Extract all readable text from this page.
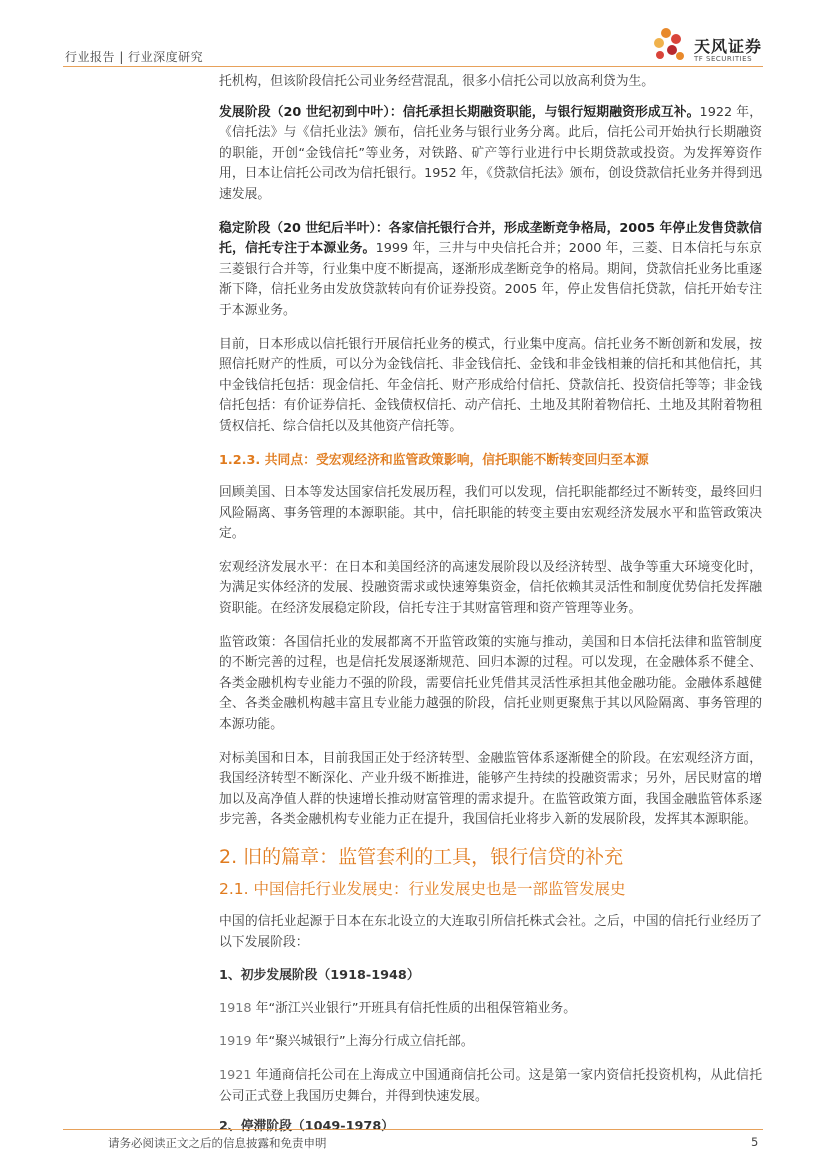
行业报告 | 行业深度研究
天风证券
TF SECURITIES

托机构，但该阶段信托公司业务经营混乱，很多小信托公司以放高利贷为生。

发展阶段（20 世纪初到中叶）：信托承担长期融资职能，与银行短期融资形成互补。1922 年，《信托法》与《信托业法》颁布，信托业务与银行业务分离。此后，信托公司开始执行长期融资的职能，开创“金钱信托”等业务，对铁路、矿产等行业进行中长期贷款或投资。为发挥筹资作用，日本让信托公司改为信托银行。1952 年，《贷款信托法》颁布，创设贷款信托业务并得到迅速发展。

稳定阶段（20 世纪后半叶）：各家信托银行合并，形成垄断竞争格局，2005 年停止发售贷款信托，信托专注于本源业务。1999 年，三井与中央信托合并；2000 年，三菱、日本信托与东京三菱银行合并等，行业集中度不断提高，逐渐形成垄断竞争的格局。期间，贷款信托业务比重逐渐下降，信托业务由发放贷款转向有价证券投资。2005 年，停止发售信托贷款，信托开始专注于本源业务。

目前，日本形成以信托银行开展信托业务的模式，行业集中度高。信托业务不断创新和发展，按照信托财产的性质，可以分为金钱信托、非金钱信托、金钱和非金钱相兼的信托和其他信托，其中金钱信托包括：现金信托、年金信托、财产形成给付信托、贷款信托、投资信托等等；非金钱信托包括：有价证券信托、金钱债权信托、动产信托、土地及其附着物信托、土地及其附着物租赁权信托、综合信托以及其他资产信托等。

1.2.3. 共同点：受宏观经济和监管政策影响，信托职能不断转变回归至本源

回顾美国、日本等发达国家信托发展历程，我们可以发现，信托职能都经过不断转变，最终回归风险隔离、事务管理的本源职能。其中，信托职能的转变主要由宏观经济发展水平和监管政策决定。

宏观经济发展水平：在日本和美国经济的高速发展阶段以及经济转型、战争等重大环境变化时，为满足实体经济的发展、投融资需求或快速筹集资金，信托依赖其灵活性和制度优势信托发挥融资职能。在经济发展稳定阶段，信托专注于其财富管理和资产管理等业务。

监管政策：各国信托业的发展都离不开监管政策的实施与推动，美国和日本信托法律和监管制度的不断完善的过程，也是信托发展逐渐规范、回归本源的过程。可以发现，在金融体系不健全、各类金融机构专业能力不强的阶段，需要信托业凭借其灵活性承担其他金融功能。金融体系越健全、各类金融机构越丰富且专业能力越强的阶段，信托业则更聚焦于其以风险隔离、事务管理的本源功能。

对标美国和日本，目前我国正处于经济转型、金融监管体系逐渐健全的阶段。在宏观经济方面，我国经济转型不断深化、产业升级不断推进，能够产生持续的投融资需求；另外，居民财富的增加以及高净值人群的快速增长推动财富管理的需求提升。在监管政策方面，我国金融监管体系逐步完善，各类金融机构专业能力正在提升，我国信托业将步入新的发展阶段，发挥其本源职能。

2. 旧的篇章：监管套利的工具，银行信贷的补充
2.1. 中国信托行业发展史：行业发展史也是一部监管发展史

中国的信托业起源于日本在东北设立的大连取引所信托株式会社。之后，中国的信托行业经历了以下发展阶段：

1、初步发展阶段（1918-1948）

1918 年“浙江兴业银行”开班具有信托性质的出租保管箱业务。

1919 年“聚兴城银行”上海分行成立信托部。

1921 年通商信托公司在上海成立中国通商信托公司。这是第一家内资信托投资机构，从此信托公司正式登上我国历史舞台，并得到快速发展。

2、停滞阶段（1049-1978）
请务必阅读正文之后的信息披露和免责申明	5
